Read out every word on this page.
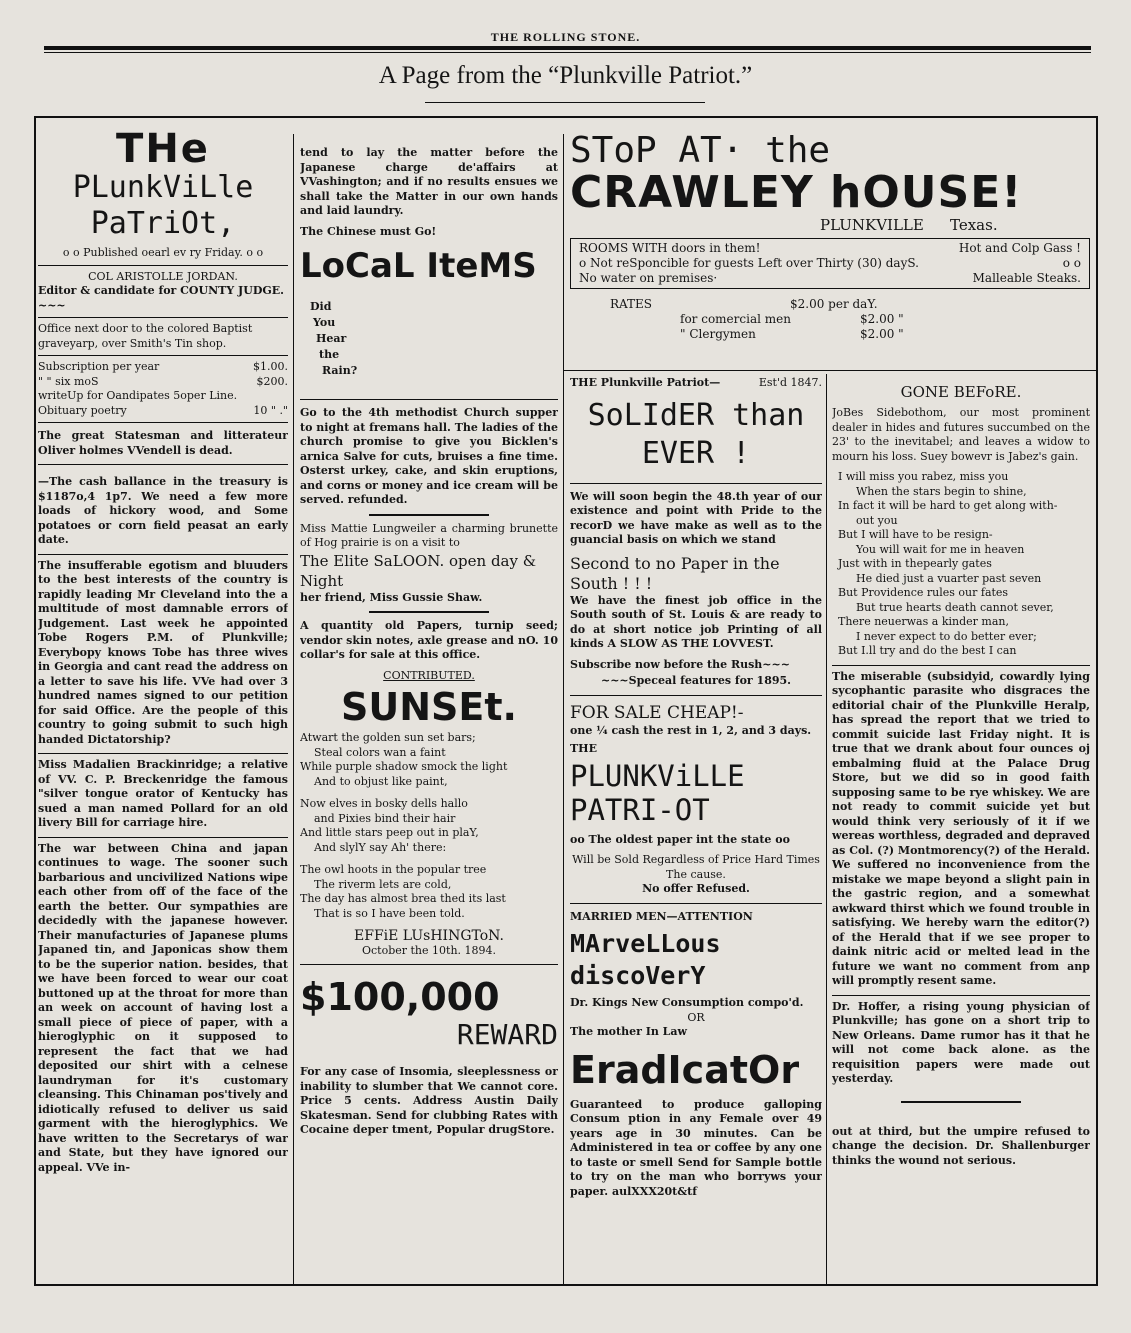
THE ROLLING STONE.
A Page from the “Plunkville Patriot.”
THe
PLunkViLle PaTriOt,
o o Published oearl ev ry Friday. o o
COL ARISTOLLE JORDAN.
Editor & candidate for COUNTY JUDGE. ~~~
Office next door to the colored Baptist graveyarp, over Smith's Tin shop.
Subscription per year	$1.00.
" " six moS	$200.
writeUp for Oandipates 5oper Line.
Obituary poetry	10 " ."

The great Statesman and litterateur Oliver holmes VVendell is dead.

—The cash ballance in the treasury is $1187o,4 1p7. We need a few more loads of hickory wood, and Some potatoes or corn field peasat an early date.

The insufferable egotism and bluuders to the best interests of the country is rapidly leading Mr Cleveland into the a multitude of most damnable errors of Judgement. Last week he appointed Tobe Rogers P.M. of Plunkville; Everybopy knows Tobe has three wives in Georgia and cant read the address on a letter to save his life. VVe had over 3 hundred names signed to our petition for said Office. Are the people of this country to going submit to such high handed Dictatorship?

Miss Madalien Brackinridge; a relative of VV. C. P. Breckenridge the famous "silver tongue orator of Kentucky has sued a man named Pollard for an old livery Bill for carriage hire.

The war between China and japan continues to wage. The sooner such barbarious and uncivilized Nations wipe each other from off of the face of the earth the better. Our sympathies are decidedly with the japanese however. Their manufacturies of Japanese plums Japaned tin, and Japonicas show them to be the superior nation. besides, that we have been forced to wear our coat buttoned up at the throat for more than an week on account of having lost a small piece of piece of paper, with a hieroglyphic on it supposed to represent the fact that we had deposited our shirt with a celnese laundryman for it's customary cleansing. This Chinaman pos'tively and idiotically refused to deliver us said garment with the hieroglyphics. We have written to the Secretarys of war and State, but they have ignored our appeal. VVe in-

tend to lay the matter before the Japanese charge de'affairs at VVashington; and if no results ensues we shall take the Matter in our own hands and laid laundry.

The Chinese must Go!

LoCaL IteMS
Did
You
Hear
the
Rain?

Go to the 4th methodist Church supper to night at fremans hall. The ladies of the church promise to give you Bicklen's arnica Salve for cuts, bruises a fine time. Osterst urkey, cake, and skin eruptions, and corns or money and ice cream will be served. refunded.

Miss Mattie Lungweiler a charming brunette of Hog prairie is on a visit to

The Elite SaLOON. open day & Night

her friend, Miss Gussie Shaw.

A quantity old Papers, turnip seed; vendor skin notes, axle grease and nO. 10 collar's for sale at this office.

CONTRIBUTED.
SUNSEt.

Atwart the golden sun set bars;

Steal colors wan a faint

While purple shadow smock the light

And to objust like paint,

Now elves in bosky dells hallo

and Pixies bind their hair

And little stars peep out in plaY,

And slylY say Ah' there:

The owl hoots in the popular tree

The riverm lets are cold,

The day has almost brea thed its last

That is so I have been told.

EFFiE LUsHINGToN.
October the 10th. 1894.
$100,000
REWARD

For any case of Insomia, sleeplessness or inability to slumber that We cannot core. Price 5 cents. Address Austin Daily Skatesman. Send for clubbing Rates with Cocaine deper tment, Popular drugStore.

SToP AT· the
CRAWLEY hOUSE!
PLUNKVILLE Texas.
ROOMS WITH doors in them!	Hot and Colp Gass !
o Not reSponcible for guests Left over Thirty (30) dayS.	o o
No water on premises·	Malleable Steaks.
RATES	$2.00 per daY.
for comercial men	$2.00 "
" Clergymen	$2.00 "
THE Plunkville Patriot—	Est'd 1847.
SoLIdER than EVER !

We will soon begin the 48.th year of our existence and point with Pride to the recorD we have make as well as to the guancial basis on which we stand

Second to no Paper in the South ! ! !

We have the finest job office in the South south of St. Louis & are ready to do at short notice job Printing of all kinds A SLOW AS THE LOVVEST.

Subscribe now before the Rush~~~

~~~Speceal features for 1895.
FOR SALE CHEAP!-
one ¼ cash the rest in 1, 2, and 3 days.
THE
PLUNKViLLE PATRI-OT
oo The oldest paper int the state oo
Will be Sold Regardless of Price Hard Times The cause.
No offer Refused.
MARRIED MEN—ATTENTION
MArveLLous discoVerY
Dr. Kings New Consumption compo'd.
OR
The mother In Law
EradIcatOr

Guaranteed to produce galloping Consum ption in any Female over 49 years age in 30 minutes. Can be Administered in tea or coffee by any one to taste or smell Send for Sample bottle to try on the man who borryws your paper. aulXXX20t&tf

GONE BEFoRE.

JoBes Sidebothom, our most prominent dealer in hides and futures succumbed on the 23' to the inevitabel; and leaves a widow to mourn his loss. Suey bowevr is Jabez's gain.

I will miss you rabez, miss you

When the stars begin to shine,

In fact it will be hard to get along with-

out you

But I will have to be resign-

You will wait for me in heaven

Just with in thepearly gates

He died just a vuarter past seven

But Providence rules our fates

But true hearts death cannot sever,

There neuerwas a kinder man,

I never expect to do better ever;

But I.ll try and do the best I can

The miserable (subsidyid, cowardly lying sycophantic parasite who disgraces the editorial chair of the Plunkville Heralp, has spread the report that we tried to commit suicide last Friday night. It is true that we drank about four ounces oj embalming fluid at the Palace Drug Store, but we did so in good faith supposing same to be rye whiskey. We are not ready to commit suicide yet but would think very seriously of it if we wereas worthless, degraded and depraved as Col. (?) Montmorency(?) of the Herald. We suffered no inconvenience from the mistake we mape beyond a slight pain in the gastric region, and a somewhat awkward thirst which we found trouble in satisfying. We hereby warn the editor(?) of the Herald that if we see proper to daink nitric acid or melted lead in the future we want no comment from anp will promptly resent same.

Dr. Hoffer, a rising young physician of Plunkville; has gone on a short trip to New Orleans. Dame rumor has it that he will not come back alone. as the requisition papers were made out yesterday.

out at third, but the umpire refused to change the decision. Dr. Shallenburger thinks the wound not serious.
